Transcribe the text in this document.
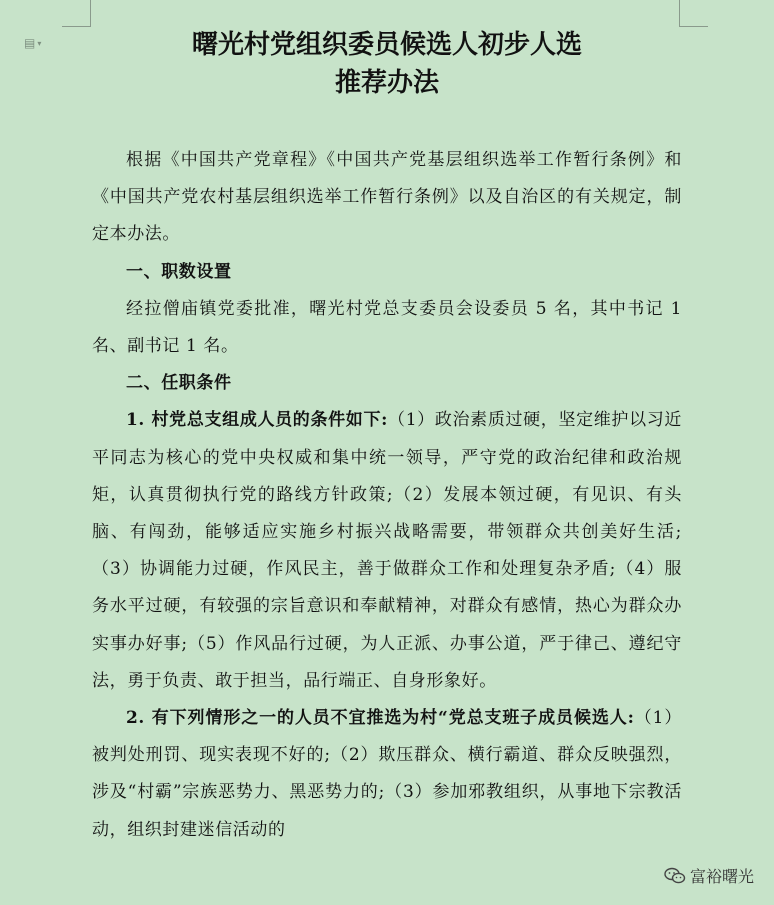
▤ ▾	曙光村党组织委员候选人初步人选
推荐办法

根据《中国共产党章程》《中国共产党基层组织选举工作暂行条例》和《中国共产党农村基层组织选举工作暂行条例》以及自治区的有关规定，制定本办法。

一、职数设置

经拉僧庙镇党委批准，曙光村党总支委员会设委员 5 名，其中书记 1 名、副书记 1 名。

二、任职条件

1. 村党总支组成人员的条件如下:（1）政治素质过硬，坚定维护以习近平同志为核心的党中央权威和集中统一领导，严守党的政治纪律和政治规矩，认真贯彻执行党的路线方针政策;（2）发展本领过硬，有见识、有头脑、有闯劲，能够适应实施乡村振兴战略需要，带领群众共创美好生活;（3）协调能力过硬，作风民主，善于做群众工作和处理复杂矛盾;（4）服务水平过硬，有较强的宗旨意识和奉献精神，对群众有感情，热心为群众办实事办好事;（5）作风品行过硬，为人正派、办事公道，严于律己、遵纪守法，勇于负责、敢于担当，品行端正、自身形象好。

2. 有下列情形之一的人员不宜推选为村“党总支班子成员候选人:（1）被判处刑罚、现实表现不好的;（2）欺压群众、横行霸道、群众反映强烈，涉及“村霸”宗族恶势力、黑恶势力的;（3）参加邪教组织，从事地下宗教活动，组织封建迷信活动的

富裕曙光
